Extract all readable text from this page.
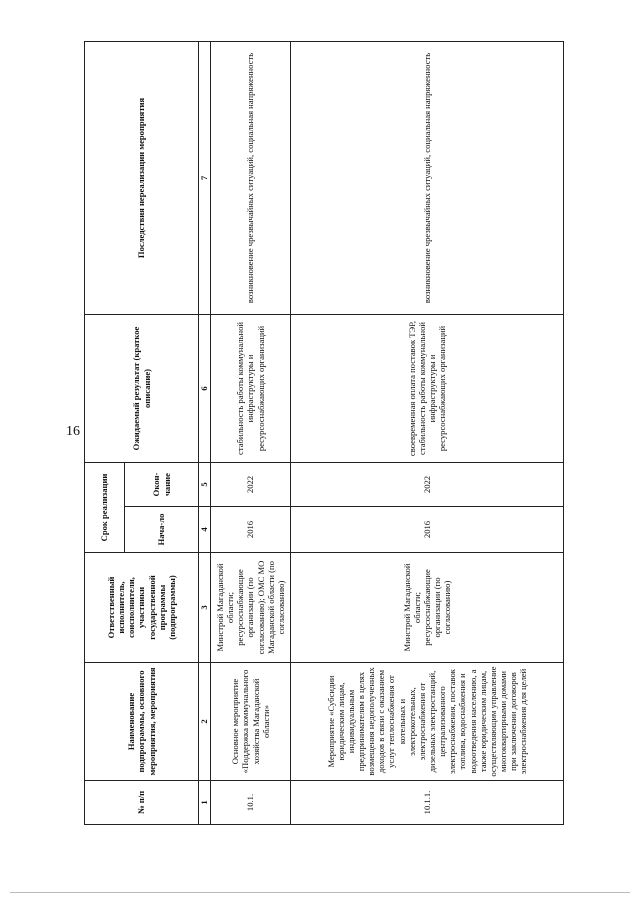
16
№ п/п	Наименование подпрограммы, основного мероприятия, мероприятия	Ответственный исполнитель, соисполнители, участники государственной программы (подпрограммы)	Срок реализации		Ожидаемый результат (краткое описание)	Последствия нереализации мероприятия
			Нача-ло	Окон-чание		
1	2	3	4	5	6	7
10.1.	Основное мероприятие «Поддержка коммунального хозяйства Магаданской области»	Минстрой Магаданской области; ресурсоснабжающие организации (по согласованию); ОМС МО Магаданской области (по согласованию)	2016	2022	стабильность работы коммунальной инфраструктуры и ресурсоснабжающих организаций	возникновение чрезвычайных ситуаций, социальная напряженность
10.1.1.	Мероприятие «Субсидии юридическим лицам, индивидуальным предпринимателям в целях возмещения недополученных доходов в связи с оказанием услуг теплоснабжения от котельных и электрокотельных, электроснабжения от дизельных электростанций, централизованного электроснабжения, поставок топлива, водоснабжения и водоотведения населению, а также юридическим лицам, осуществляющим управление многоквартирными домами при заключении договоров электроснабжения для целей	Минстрой Магаданской области; ресурсоснабжающие организации (по согласованию)	2016	2022	своевременная оплата поставок ТЭР, стабильность работы коммунальной инфраструктуры и ресурсоснабжающих организаций	возникновение чрезвычайных ситуаций, социальная напряженность
